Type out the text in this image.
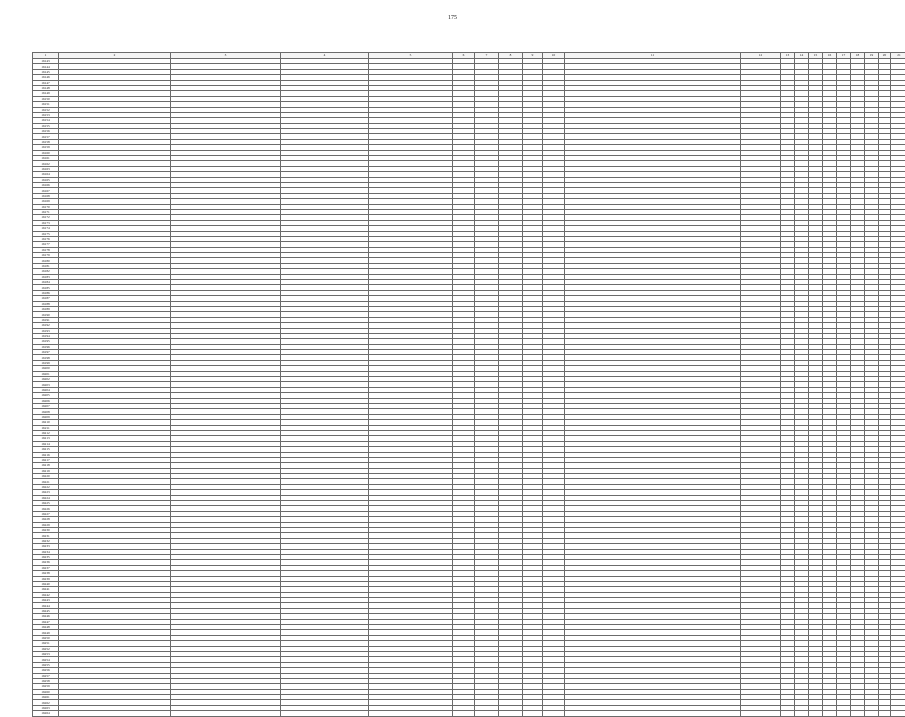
175
1	2	3	4	5	6	7	8	9	10	11	12	13	14	15	16	17	18	19	20	21
16143																				
16144																				
16145																				
16146																				
16147																				
16148																				
16149																				
16150																				
16151																				
16152																				
16153																				
16154																				
16155																				
16156																				
16157																				
16158																				
16159																				
16160																				
16161																				
16162																				
16163																				
16164																				
16165																				
16166																				
16167																				
16168																				
16169																				
16170																				
16171																				
16172																				
16173																				
16174																				
16175																				
16176																				
16177																				
16178																				
16179																				
16180																				
16181																				
16182																				
16183																				
16184																				
16185																				
16186																				
16187																				
16188																				
16189																				
16190																				
16191																				
16192																				
16193																				
16194																				
16195																				
16196																				
16197																				
16198																				
16199																				
16200																				
16201																				
16202																				
16203																				
16204																				
16205																				
16206																				
16207																				
16208																				
16209																				
16210																				
16211																				
16212																				
16213																				
16214																				
16215																				
16216																				
16217																				
16218																				
16219																				
16220																				
16221																				
16222																				
16223																				
16224																				
16225																				
16226																				
16227																				
16228																				
16229																				
16230																				
16231																				
16232																				
16233																				
16234																				
16235																				
16236																				
16237																				
16238																				
16239																				
16240																				
16241																				
16242																				
16243																				
16244																				
16245																				
16246																				
16247																				
16248																				
16249																				
16250																				
16251																				
16252																				
16253																				
16254																				
16255																				
16256																				
16257																				
16258																				
16259																				
16260																				
16261																				
16262																				
16263																				
16264																				
